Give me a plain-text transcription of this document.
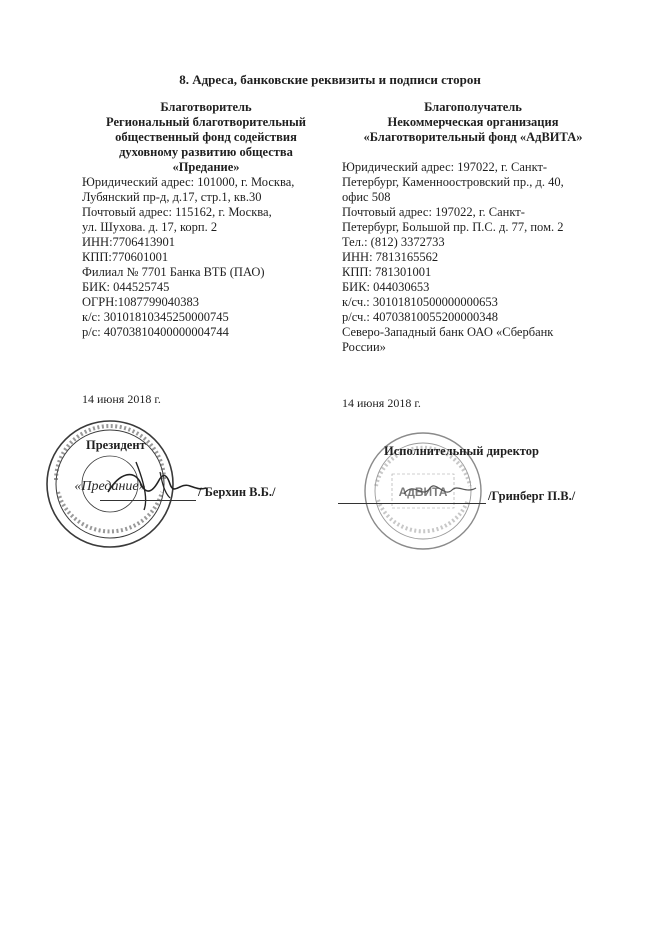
8. Адреса, банковские реквизиты и подписи сторон
Благотворитель
Региональный благотворительный
общественный фонд содействия
духовному развитию общества
«Предание»
Юридический адрес: 101000, г. Москва,
Лубянский пр-д, д.17, стр.1, кв.30
Почтовый адрес: 115162, г. Москва,
ул. Шухова. д. 17, корп. 2
ИНН:7706413901
КПП:770601001
Филиал № 7701 Банка ВТБ (ПАО)
БИК: 044525745
ОГРН:1087799040383
к/с: 30101810345250000745
р/с: 40703810400000004744
Благополучатель
Некоммерческая организация
«Благотворительный фонд «АдВИТА»
Юридический адрес: 197022, г. Санкт-
Петербург, Каменноостровский пр., д. 40,
офис 508
Почтовый адрес: 197022, г. Санкт-
Петербург, Большой пр. П.С. д. 77, пом. 2
Тел.: (812) 3372733
ИНН: 7813165562
КПП: 781301001
БИК: 044030653
к/сч.: 30101810500000000653
р/сч.: 40703810055200000348
Северо-Западный банк ОАО «Сбербанк
России»
14 июня 2018 г.	14 июня 2018 г.
«Предание»
Президент
/ Берхин В.Б./	АдВИТА
Исполнительный директор
/Гринберг П.В./
